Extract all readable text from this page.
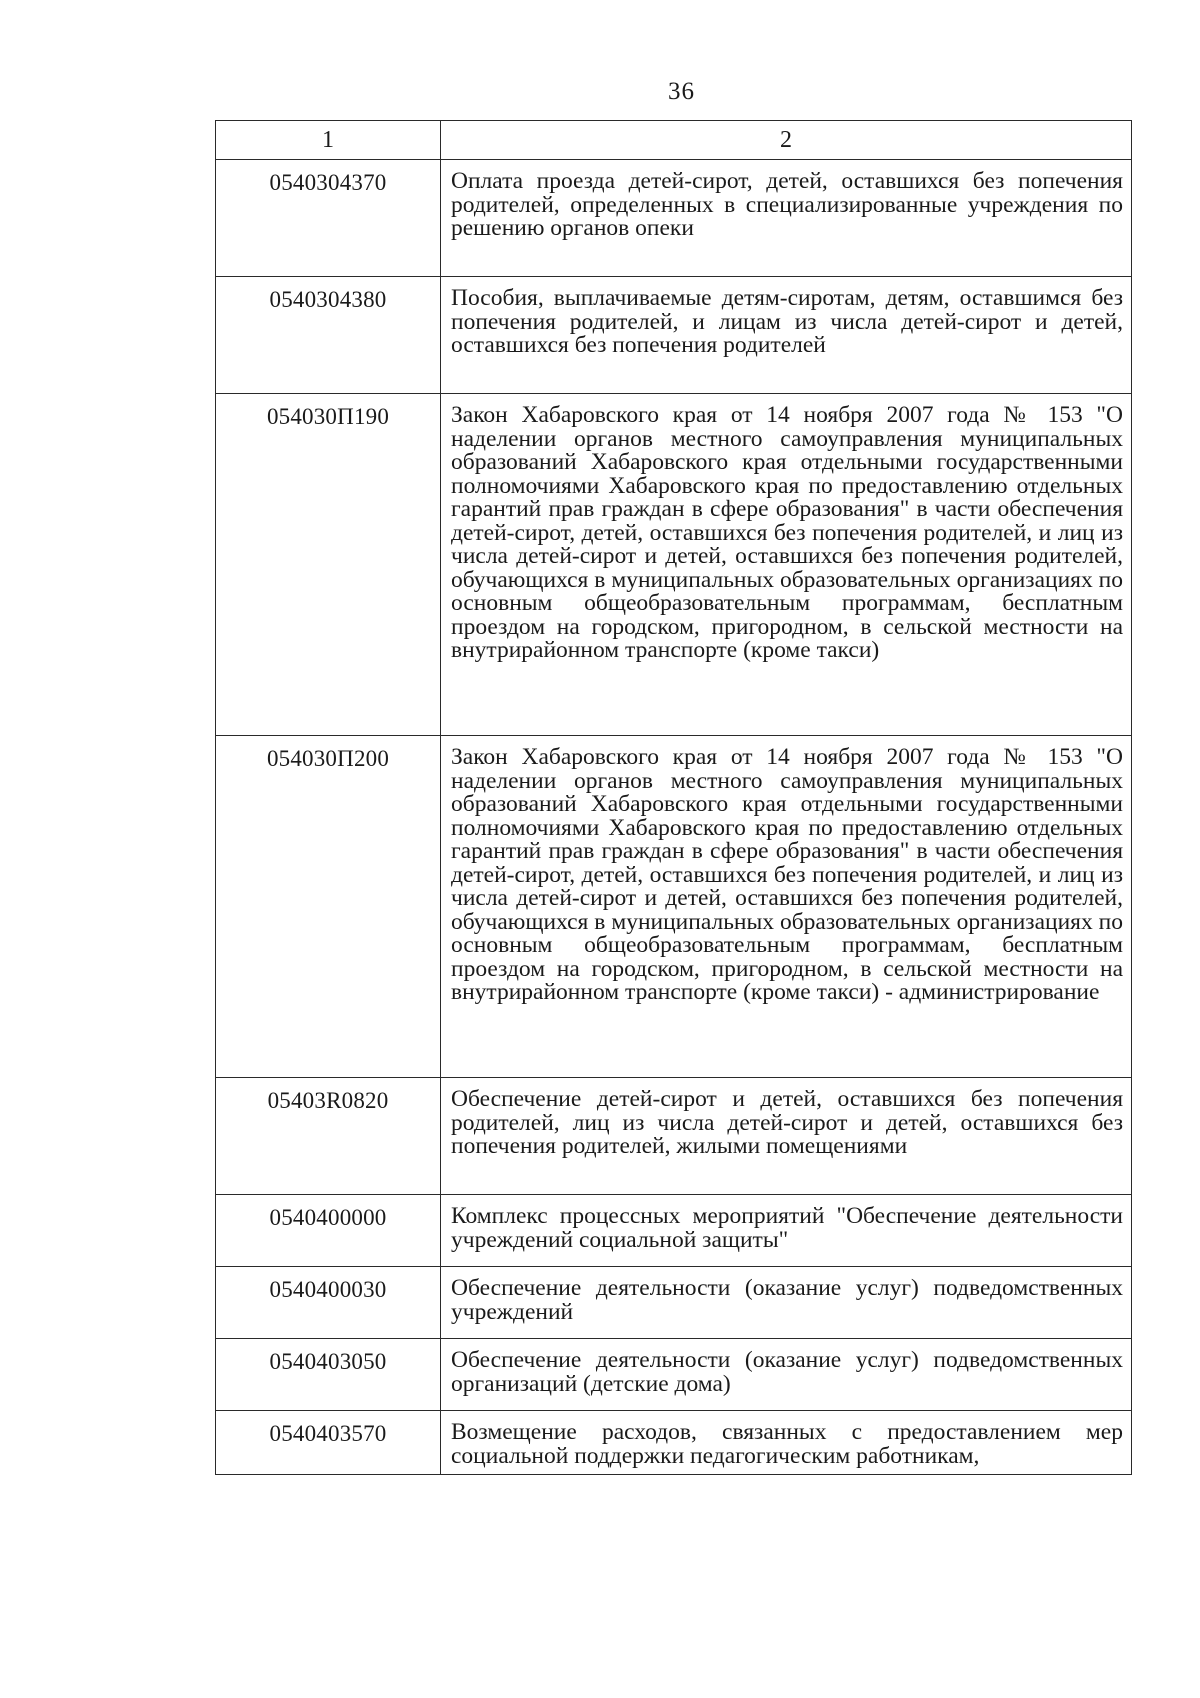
36
1	2
0540304370	Оплата проезда детей-сирот, детей, оставшихся без попечения родителей, определенных в специализированные учреждения по решению органов опеки

0540304380	Пособия, выплачиваемые детям-сиротам, детям, оставшимся без попечения родителей, и лицам из числа детей-сирот и детей, оставшихся без попечения родителей

054030П190	Закон Хабаровского края от 14 ноября 2007 года № 153 "О наделении органов местного самоуправления муниципальных образований Хабаровского края отдельными государственными полномочиями Хабаровского края по предоставлению отдельных гарантий прав граждан в сфере образования" в части обеспечения детей-сирот, детей, оставшихся без попечения родителей, и лиц из числа детей-сирот и детей, оставшихся без попечения родителей, обучающихся в муниципальных образовательных организациях по основным общеобразовательным программам, бесплатным проездом на городском, пригородном, в сельской местности на внутрирайонном транспорте (кроме такси)

054030П200	Закон Хабаровского края от 14 ноября 2007 года № 153 "О наделении органов местного самоуправления муниципальных образований Хабаровского края отдельными государственными полномочиями Хабаровского края по предоставлению отдельных гарантий прав граждан в сфере образования" в части обеспечения детей-сирот, детей, оставшихся без попечения родителей, и лиц из числа детей-сирот и детей, оставшихся без попечения родителей, обучающихся в муниципальных образовательных организациях по основным общеобразовательным программам, бесплатным проездом на городском, пригородном, в сельской местности на внутрирайонном транспорте (кроме такси) - администрирование

05403R0820	Обеспечение детей-сирот и детей, оставшихся без попечения родителей, лиц из числа детей-сирот и детей, оставшихся без попечения родителей, жилыми помещениями

0540400000	Комплекс процессных мероприятий "Обеспечение деятельности учреждений социальной защиты"

0540400030	Обеспечение деятельности (оказание услуг) подведомственных учреждений

0540403050	Обеспечение деятельности (оказание услуг) подведомственных организаций (детские дома)

0540403570	Возмещение расходов, связанных с предоставлением мер социальной поддержки педагогическим работникам,
